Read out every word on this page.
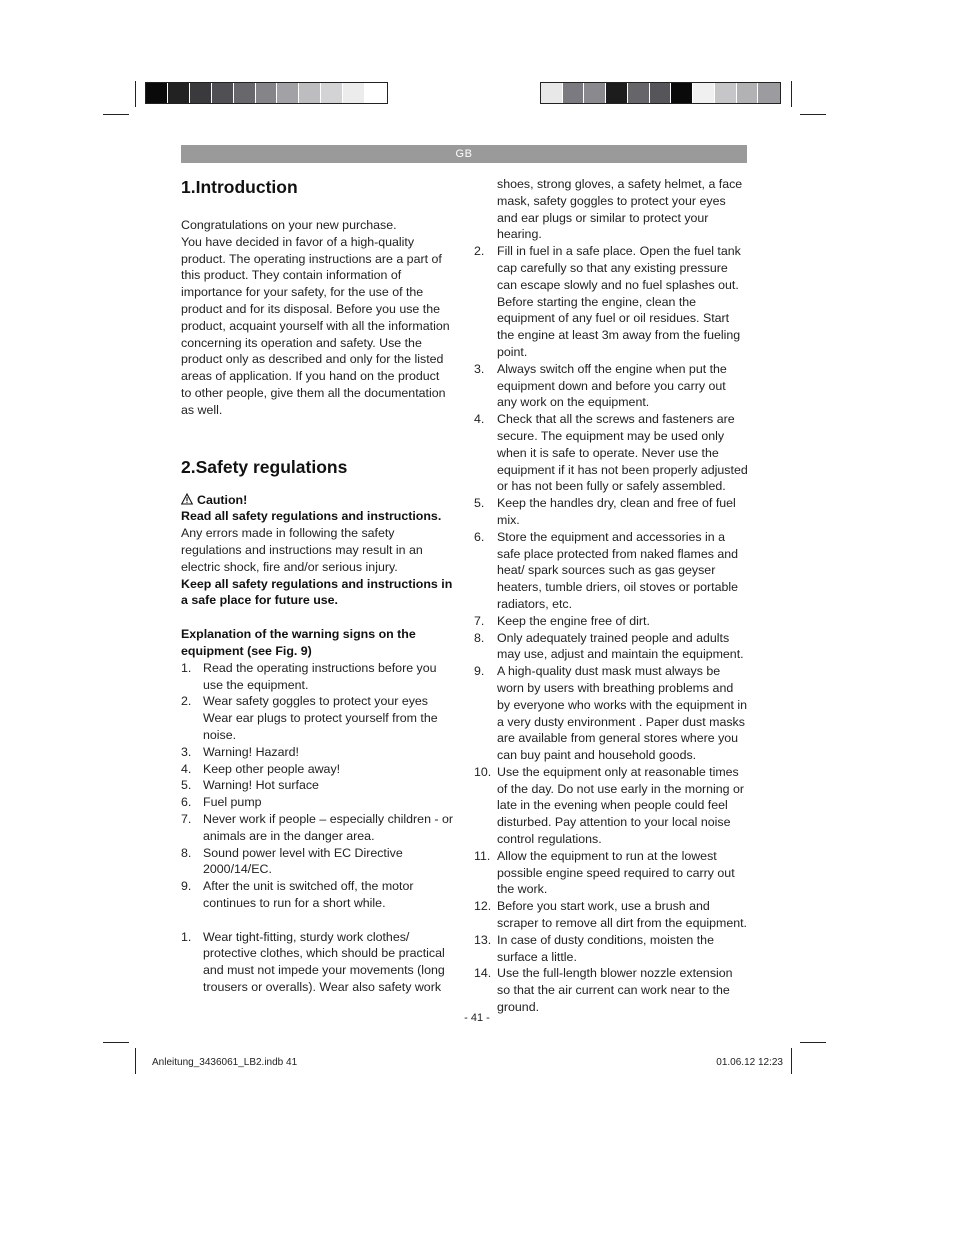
GB
1.Introduction

Congratulations on your new purchase.

You have decided in favor of a high-quality product. The operating instructions are a part of this product. They contain information of importance for your safety, for the use of the product and for its disposal. Before you use the product, acquaint yourself with all the information concerning its operation and safety. Use the product only as described and only for the listed areas of application. If you hand on the product to other people, give them all the documentation as well.

2.Safety regulations

Caution!

Read all safety regulations and instructions.

Any errors made in following the safety regulations and instructions may result in an electric shock, fire and/or serious injury.

Keep all safety regulations and instructions in a safe place for future use.

Explanation of the warning signs on the equipment (see Fig. 9)

1. Read the operating instructions before you use the equipment.
2. Wear safety goggles to protect your eyes Wear ear plugs to protect yourself from the noise.
3. Warning! Hazard!
4. Keep other people away!
5. Warning! Hot surface
6. Fuel pump
7. Never work if people – especially children - or animals are in the danger area.
8. Sound power level with EC Directive 2000/14/EC.
9. After the unit is switched off, the motor continues to run for a short while.
1. Wear tight-fitting, sturdy work clothes/ protective clothes, which should be practical and must not impede your movements (long trousers or overalls). Wear also safety work

shoes, strong gloves, a safety helmet, a face mask, safety goggles to protect your eyes and ear plugs or similar to protect your hearing.

2. Fill in fuel in a safe place. Open the fuel tank cap carefully so that any existing pressure can escape slowly and no fuel splashes out. Before starting the engine, clean the equipment of any fuel or oil residues. Start the engine at least 3m away from the fueling point.
3. Always switch off the engine when put the equipment down and before you carry out any work on the equipment.
4. Check that all the screws and fasteners are secure. The equipment may be used only when it is safe to operate. Never use the equipment if it has not been properly adjusted or has not been fully or safely assembled.
5. Keep the handles dry, clean and free of fuel mix.
6. Store the equipment and accessories in a safe place protected from naked flames and heat/ spark sources such as gas geyser heaters, tumble driers, oil stoves or portable radiators, etc.
7. Keep the engine free of dirt.
8. Only adequately trained people and adults may use, adjust and maintain the equipment.
9. A high-quality dust mask must always be worn by users with breathing problems and by everyone who works with the equipment in a very dusty environment . Paper dust masks are available from general stores where you can buy paint and household goods.
10. Use the equipment only at reasonable times of the day. Do not use early in the morning or late in the evening when people could feel disturbed. Pay attention to your local noise control regulations.
11. Allow the equipment to run at the lowest possible engine speed required to carry out the work.
12. Before you start work, use a brush and scraper to remove all dirt from the equipment.
13. In case of dusty conditions, moisten the surface a little.
14. Use the full-length blower nozzle extension so that the air current can work near to the ground.
- 41 -
Anleitung_3436061_LB2.indb 41	01.06.12 12:23
